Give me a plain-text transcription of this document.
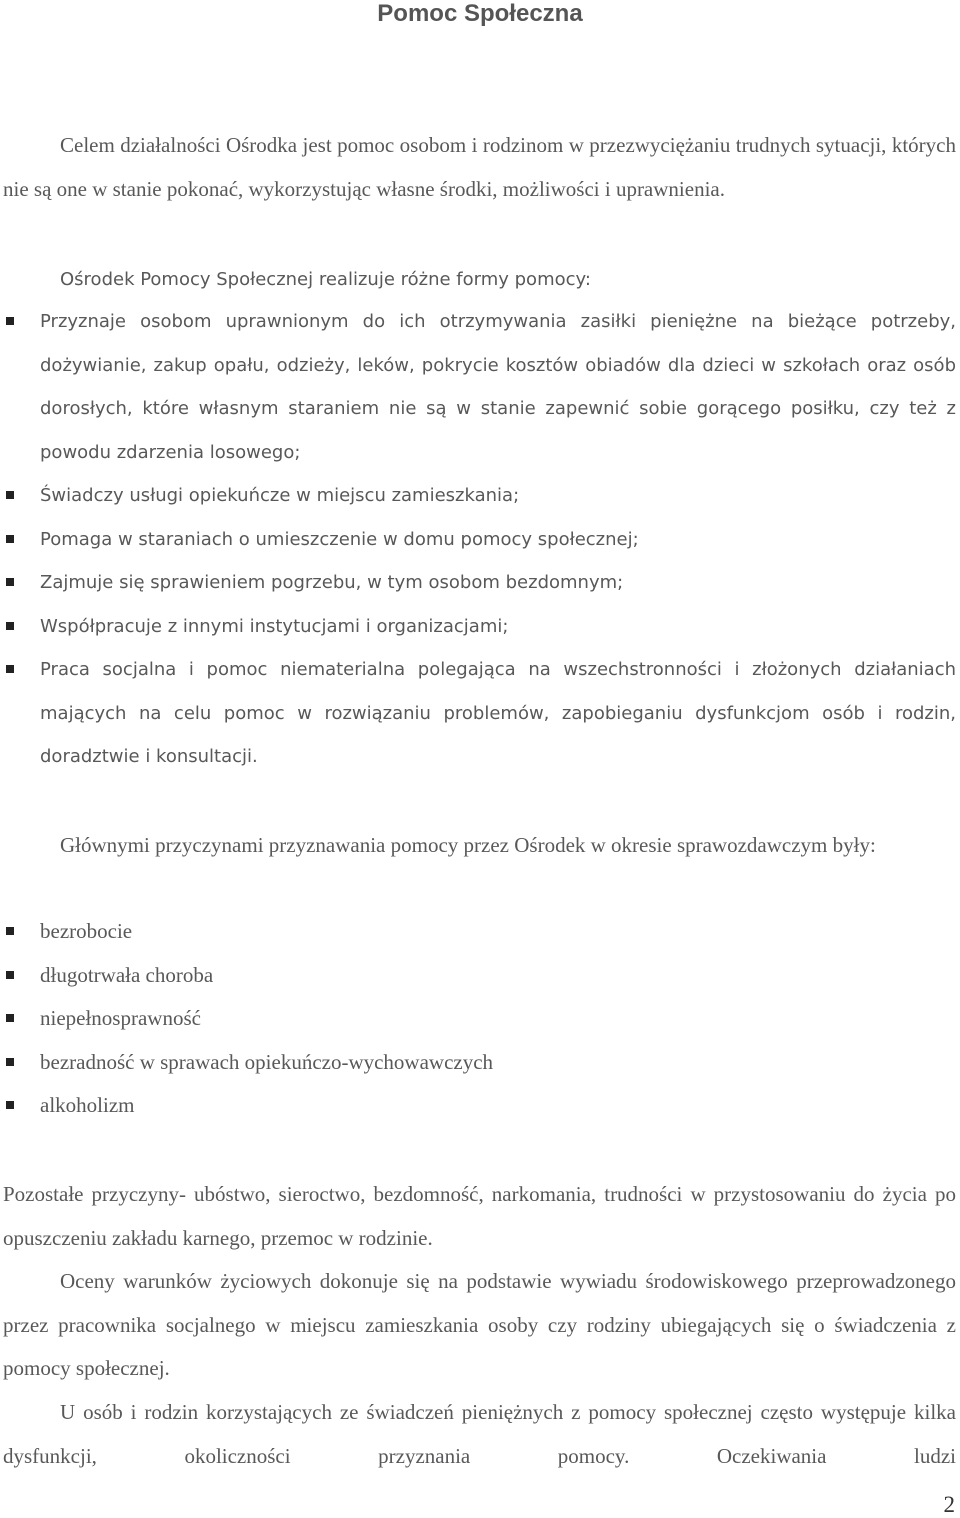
Pomoc Społeczna

Celem działalności Ośrodka jest pomoc osobom i rodzinom w przezwyciężaniu trudnych sytuacji, których nie są one w stanie pokonać, wykorzystując własne środki, możliwości i uprawnienia.

Ośrodek Pomocy Społecznej realizuje różne formy pomocy:

Przyznaje osobom uprawnionym do ich otrzymywania zasiłki pieniężne na bieżące potrzeby, dożywianie, zakup opału, odzieży, leków, pokrycie kosztów obiadów dla dzieci w szkołach oraz osób dorosłych, które własnym staraniem nie są w stanie zapewnić sobie gorącego posiłku, czy też z powodu zdarzenia losowego;
Świadczy usługi opiekuńcze w miejscu zamieszkania;
Pomaga w staraniach o umieszczenie w domu pomocy społecznej;
Zajmuje się sprawieniem pogrzebu, w tym osobom bezdomnym;
Współpracuje z innymi instytucjami i organizacjami;
Praca socjalna i pomoc niematerialna polegająca na wszechstronności i złożonych działaniach mających na celu pomoc w rozwiązaniu problemów, zapobieganiu dysfunkcjom osób i rodzin, doradztwie i konsultacji.

Głównymi przyczynami przyznawania pomocy przez Ośrodek w okresie sprawozdawczym były:

bezrobocie
długotrwała choroba
niepełnosprawność
bezradność w sprawach opiekuńczo-wychowawczych
alkoholizm

Pozostałe przyczyny- ubóstwo, sieroctwo, bezdomność, narkomania, trudności w przystosowaniu do życia po opuszczeniu zakładu karnego, przemoc w rodzinie.

Oceny warunków życiowych dokonuje się na podstawie wywiadu środowiskowego przeprowadzonego przez pracownika socjalnego w miejscu zamieszkania osoby czy rodziny ubiegających się o świadczenia z pomocy społecznej.

U osób i rodzin korzystających ze świadczeń pieniężnych z pomocy społecznej często występuje kilka dysfunkcji, okoliczności przyznania pomocy. Oczekiwania ludzi

2
